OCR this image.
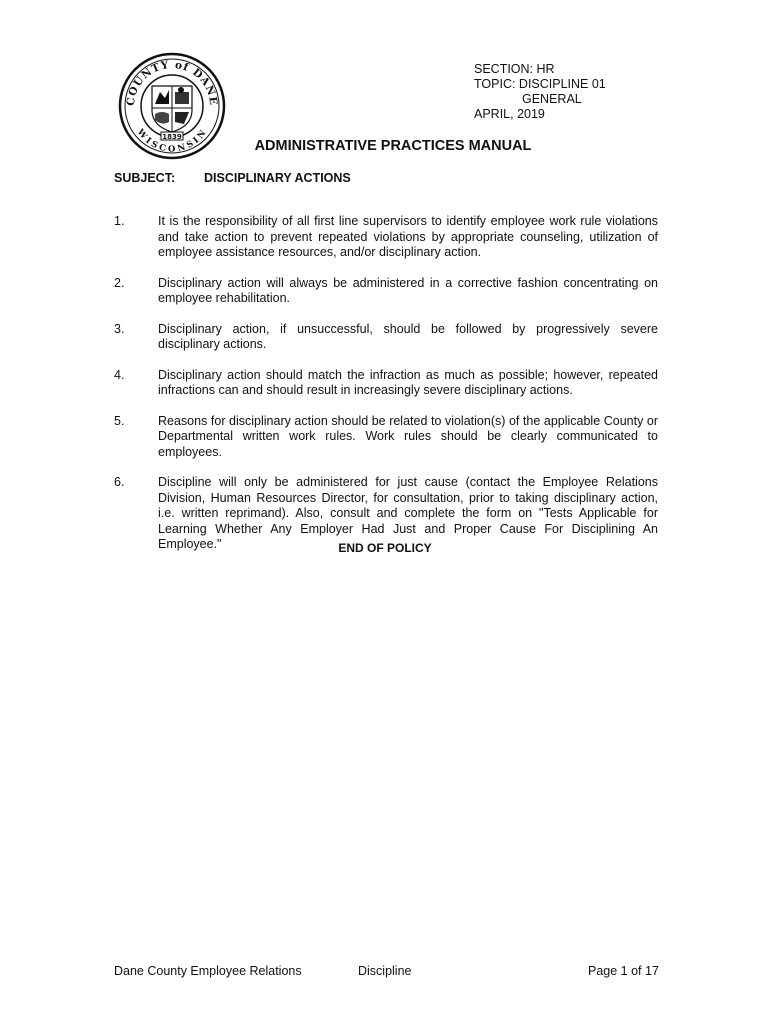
COUNTY of DANE
WISCONSIN
1839
SECTION: HR
TOPIC: DISCIPLINE 01
GENERAL
APRIL, 2019
ADMINISTRATIVE PRACTICES MANUAL
SUBJECT: DISCIPLINARY ACTIONS
1.	It is the responsibility of all first line supervisors to identify employee work rule violations and take action to prevent repeated violations by appropriate counseling, utilization of employee assistance resources, and/or disciplinary action.
2.	Disciplinary action will always be administered in a corrective fashion concentrating on employee rehabilitation.
3.	Disciplinary action, if unsuccessful, should be followed by progressively severe disciplinary actions.
4.	Disciplinary action should match the infraction as much as possible; however, repeated infractions can and should result in increasingly severe disciplinary actions.
5.	Reasons for disciplinary action should be related to violation(s) of the applicable County or Departmental written work rules. Work rules should be clearly communicated to employees.
6.	Discipline will only be administered for just cause (contact the Employee Relations Division, Human Resources Director, for consultation, prior to taking disciplinary action, i.e. written reprimand). Also, consult and complete the form on "Tests Applicable for Learning Whether Any Employer Had Just and Proper Cause For Disciplining An Employee."	END OF POLICY
Dane County Employee Relations	Discipline	Page 1 of 17
